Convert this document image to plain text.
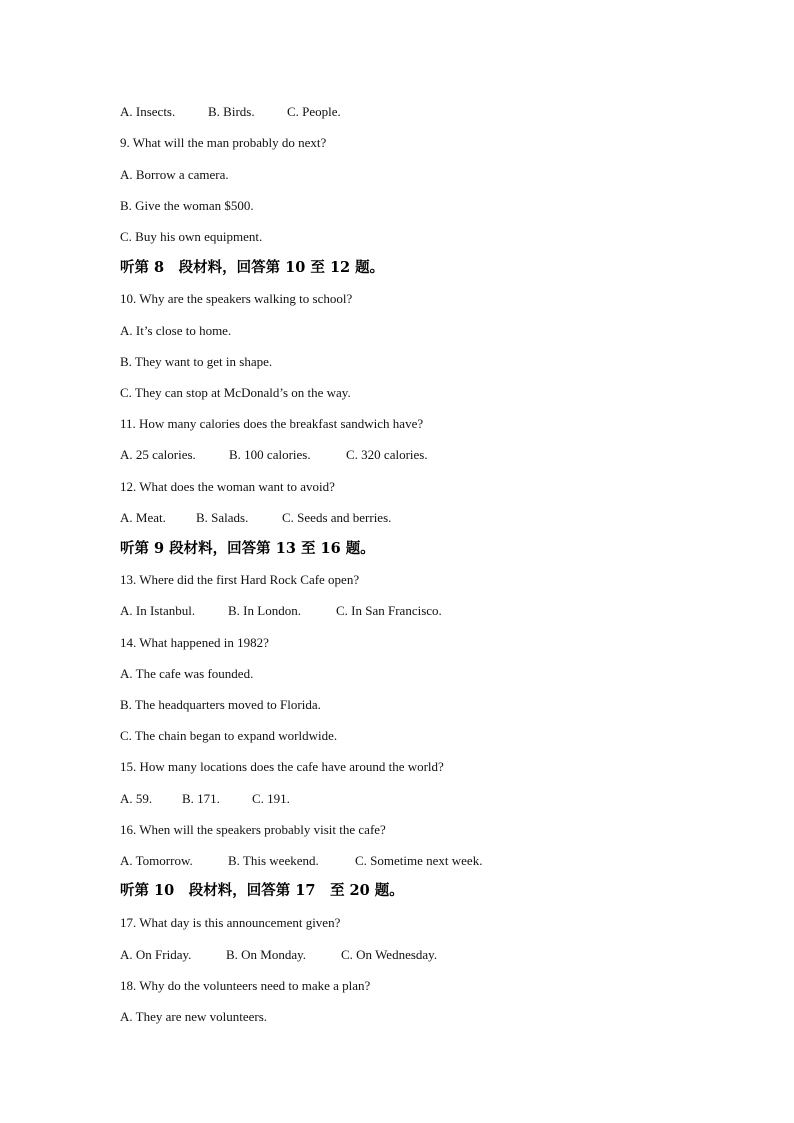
A. Insects.

	B. Birds.

C. People.

9. What will the man probably do next?
A. Borrow a camera.
B. Give the woman $500.
C. Buy his own equipment.
听第 8　段材料，回答第 10 至 12 题。
10. Why are the speakers walking to school?
A. It’s close to home.
B. They want to get in shape.
C. They can stop at McDonald’s on the way.
11. How many calories does the breakfast sandwich have?

A. 25 calories.

	B. 100 calories.

	C. 320 calories.

12. What does the woman want to avoid?

A. Meat.

B. Salads.

	C. Seeds and berries.

听第 9 段材料，回答第 13 至 16 题。
13. Where did the first Hard Rock Cafe open?

A. In Istanbul.

	B. In London.

	C. In San Francisco.

14. What happened in 1982?
A. The cafe was founded.
B. The headquarters moved to Florida.
C. The chain began to expand worldwide.
15. How many locations does the cafe have around the world?

A. 59.

B. 171.

C. 191.

16. When will the speakers probably visit the cafe?

A. Tomorrow.

	B. This weekend.

	C. Sometime next week.

听第 10　段材料，回答第 17　至 20 题。
17. What day is this announcement given?

A. On Friday.

	B. On Monday.

	C. On Wednesday.

18. Why do the volunteers need to make a plan?
A. They are new volunteers.
